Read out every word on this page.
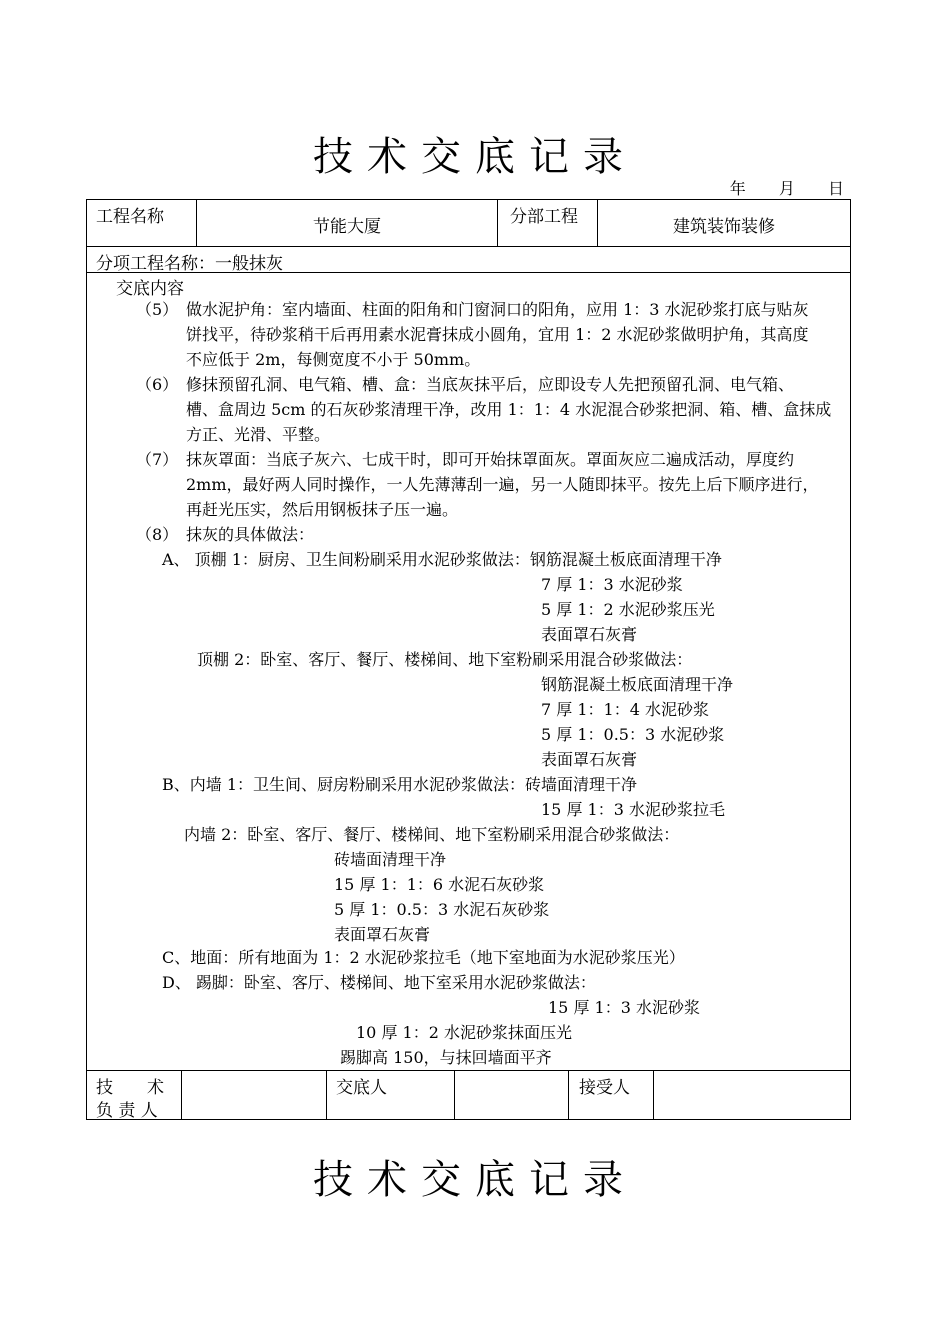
技术交底记录
年 月 日
工程名称	节能大厦	分部工程	建筑装饰装修
分项工程名称：一般抹灰
交底内容
（5） 做水泥护角：室内墙面、柱面的阳角和门窗洞口的阳角，应用 1：3 水泥砂浆打底与贴灰
饼找平，待砂浆稍干后再用素水泥膏抹成小圆角，宜用 1：2 水泥砂浆做明护角，其高度
不应低于 2m，每侧宽度不小于 50mm。
（6） 修抹预留孔洞、电气箱、槽、盒：当底灰抹平后，应即设专人先把预留孔洞、电气箱、
槽、盒周边 5cm 的石灰砂浆清理干净，改用 1：1：4 水泥混合砂浆把洞、箱、槽、盒抹成
方正、光滑、平整。
（7） 抹灰罩面：当底子灰六、七成干时，即可开始抹罩面灰。罩面灰应二遍成活动，厚度约
2mm，最好两人同时操作，一人先薄薄刮一遍，另一人随即抹平。按先上后下顺序进行，
再赶光压实，然后用钢板抹子压一遍。
（8） 抹灰的具体做法：
A、 顶棚 1：厨房、卫生间粉刷采用水泥砂浆做法：钢筋混凝土板底面清理干净
7 厚 1：3 水泥砂浆
5 厚 1：2 水泥砂浆压光
表面罩石灰膏
顶棚 2：卧室、客厅、餐厅、楼梯间、地下室粉刷采用混合砂浆做法：
钢筋混凝土板底面清理干净
7 厚 1：1：4 水泥砂浆
5 厚 1：0.5：3 水泥砂浆
表面罩石灰膏
B、内墙 1：卫生间、厨房粉刷采用水泥砂浆做法：砖墙面清理干净
15 厚 1：3 水泥砂浆拉毛
内墙 2：卧室、客厅、餐厅、楼梯间、地下室粉刷采用混合砂浆做法：
砖墙面清理干净
15 厚 1：1：6 水泥石灰砂浆
5 厚 1：0.5：3 水泥石灰砂浆
表面罩石灰膏
C、地面：所有地面为 1：2 水泥砂浆拉毛（地下室地面为水泥砂浆压光）
D、 踢脚：卧室、客厅、楼梯间、地下室采用水泥砂浆做法：
15 厚 1：3 水泥砂浆
10 厚 1：2 水泥砂浆抹面压光
踢脚高 150，与抹回墙面平齐
技　　术
负 责 人
交底人	接受人
技术交底记录
